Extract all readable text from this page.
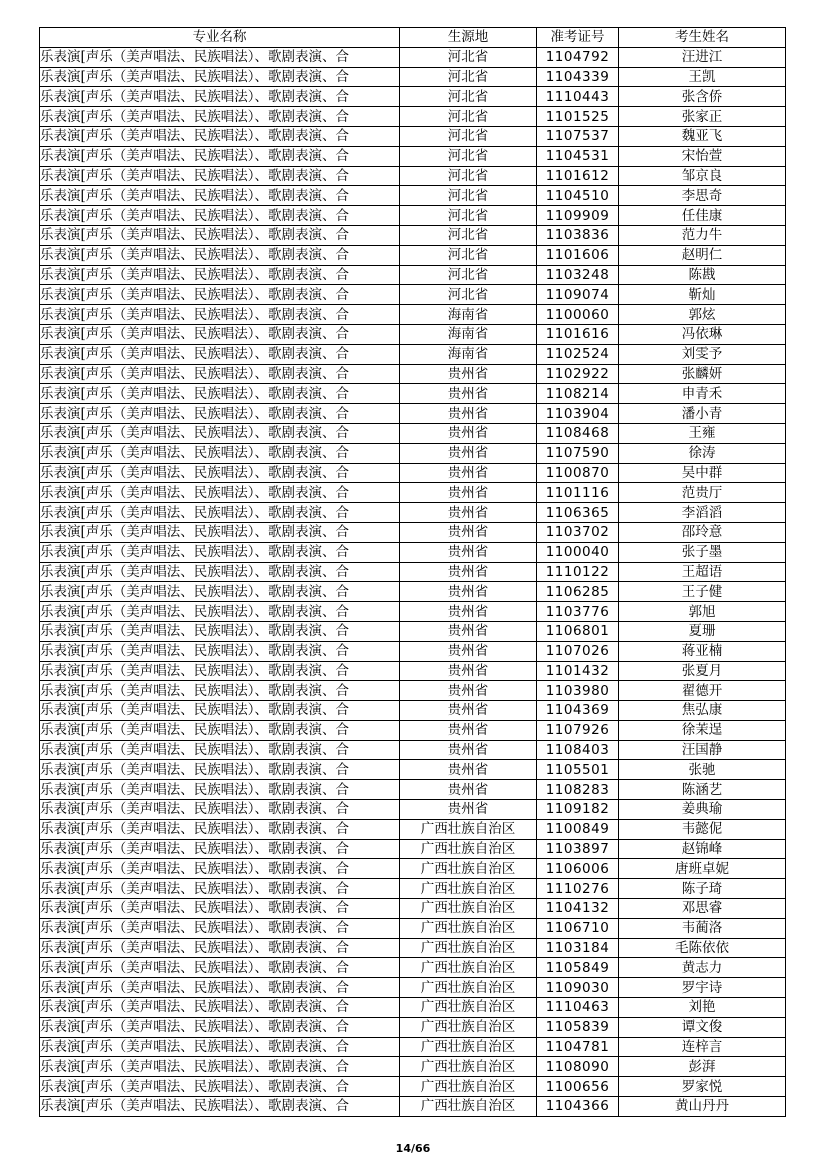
专业名称	生源地	准考证号	考生姓名
乐表演[声乐（美声唱法、民族唱法）、歌剧表演、合	河北省	1104792	汪进江
乐表演[声乐（美声唱法、民族唱法）、歌剧表演、合	河北省	1104339	王凯
乐表演[声乐（美声唱法、民族唱法）、歌剧表演、合	河北省	1110443	张含侨
乐表演[声乐（美声唱法、民族唱法）、歌剧表演、合	河北省	1101525	张家正
乐表演[声乐（美声唱法、民族唱法）、歌剧表演、合	河北省	1107537	魏亚飞
乐表演[声乐（美声唱法、民族唱法）、歌剧表演、合	河北省	1104531	宋怡萱
乐表演[声乐（美声唱法、民族唱法）、歌剧表演、合	河北省	1101612	邹京良
乐表演[声乐（美声唱法、民族唱法）、歌剧表演、合	河北省	1104510	李思奇
乐表演[声乐（美声唱法、民族唱法）、歌剧表演、合	河北省	1109909	任佳康
乐表演[声乐（美声唱法、民族唱法）、歌剧表演、合	河北省	1103836	范力牛
乐表演[声乐（美声唱法、民族唱法）、歌剧表演、合	河北省	1101606	赵明仁
乐表演[声乐（美声唱法、民族唱法）、歌剧表演、合	河北省	1103248	陈戡
乐表演[声乐（美声唱法、民族唱法）、歌剧表演、合	河北省	1109074	靳灿
乐表演[声乐（美声唱法、民族唱法）、歌剧表演、合	海南省	1100060	郭炫
乐表演[声乐（美声唱法、民族唱法）、歌剧表演、合	海南省	1101616	冯依琳
乐表演[声乐（美声唱法、民族唱法）、歌剧表演、合	海南省	1102524	刘雯予
乐表演[声乐（美声唱法、民族唱法）、歌剧表演、合	贵州省	1102922	张麟妍
乐表演[声乐（美声唱法、民族唱法）、歌剧表演、合	贵州省	1108214	申青禾
乐表演[声乐（美声唱法、民族唱法）、歌剧表演、合	贵州省	1103904	潘小青
乐表演[声乐（美声唱法、民族唱法）、歌剧表演、合	贵州省	1108468	王雍
乐表演[声乐（美声唱法、民族唱法）、歌剧表演、合	贵州省	1107590	徐涛
乐表演[声乐（美声唱法、民族唱法）、歌剧表演、合	贵州省	1100870	吴中群
乐表演[声乐（美声唱法、民族唱法）、歌剧表演、合	贵州省	1101116	范贵厅
乐表演[声乐（美声唱法、民族唱法）、歌剧表演、合	贵州省	1106365	李滔滔
乐表演[声乐（美声唱法、民族唱法）、歌剧表演、合	贵州省	1103702	邵玲意
乐表演[声乐（美声唱法、民族唱法）、歌剧表演、合	贵州省	1100040	张子墨
乐表演[声乐（美声唱法、民族唱法）、歌剧表演、合	贵州省	1110122	王超语
乐表演[声乐（美声唱法、民族唱法）、歌剧表演、合	贵州省	1106285	王子健
乐表演[声乐（美声唱法、民族唱法）、歌剧表演、合	贵州省	1103776	郭旭
乐表演[声乐（美声唱法、民族唱法）、歌剧表演、合	贵州省	1106801	夏珊
乐表演[声乐（美声唱法、民族唱法）、歌剧表演、合	贵州省	1107026	蒋亚楠
乐表演[声乐（美声唱法、民族唱法）、歌剧表演、合	贵州省	1101432	张夏月
乐表演[声乐（美声唱法、民族唱法）、歌剧表演、合	贵州省	1103980	翟德开
乐表演[声乐（美声唱法、民族唱法）、歌剧表演、合	贵州省	1104369	焦弘康
乐表演[声乐（美声唱法、民族唱法）、歌剧表演、合	贵州省	1107926	徐茉逞
乐表演[声乐（美声唱法、民族唱法）、歌剧表演、合	贵州省	1108403	汪国静
乐表演[声乐（美声唱法、民族唱法）、歌剧表演、合	贵州省	1105501	张驰
乐表演[声乐（美声唱法、民族唱法）、歌剧表演、合	贵州省	1108283	陈涵艺
乐表演[声乐（美声唱法、民族唱法）、歌剧表演、合	贵州省	1109182	姜典瑜
乐表演[声乐（美声唱法、民族唱法）、歌剧表演、合	广西壮族自治区	1100849	韦懿伲
乐表演[声乐（美声唱法、民族唱法）、歌剧表演、合	广西壮族自治区	1103897	赵锦峰
乐表演[声乐（美声唱法、民族唱法）、歌剧表演、合	广西壮族自治区	1106006	唐班卓妮
乐表演[声乐（美声唱法、民族唱法）、歌剧表演、合	广西壮族自治区	1110276	陈子琦
乐表演[声乐（美声唱法、民族唱法）、歌剧表演、合	广西壮族自治区	1104132	邓思睿
乐表演[声乐（美声唱法、民族唱法）、歌剧表演、合	广西壮族自治区	1106710	韦蔺洛
乐表演[声乐（美声唱法、民族唱法）、歌剧表演、合	广西壮族自治区	1103184	毛陈依依
乐表演[声乐（美声唱法、民族唱法）、歌剧表演、合	广西壮族自治区	1105849	黄志力
乐表演[声乐（美声唱法、民族唱法）、歌剧表演、合	广西壮族自治区	1109030	罗宇诗
乐表演[声乐（美声唱法、民族唱法）、歌剧表演、合	广西壮族自治区	1110463	刘艳
乐表演[声乐（美声唱法、民族唱法）、歌剧表演、合	广西壮族自治区	1105839	谭文俊
乐表演[声乐（美声唱法、民族唱法）、歌剧表演、合	广西壮族自治区	1104781	连梓言
乐表演[声乐（美声唱法、民族唱法）、歌剧表演、合	广西壮族自治区	1108090	彭湃
乐表演[声乐（美声唱法、民族唱法）、歌剧表演、合	广西壮族自治区	1100656	罗家悦
乐表演[声乐（美声唱法、民族唱法）、歌剧表演、合	广西壮族自治区	1104366	黄山丹丹
14/66
